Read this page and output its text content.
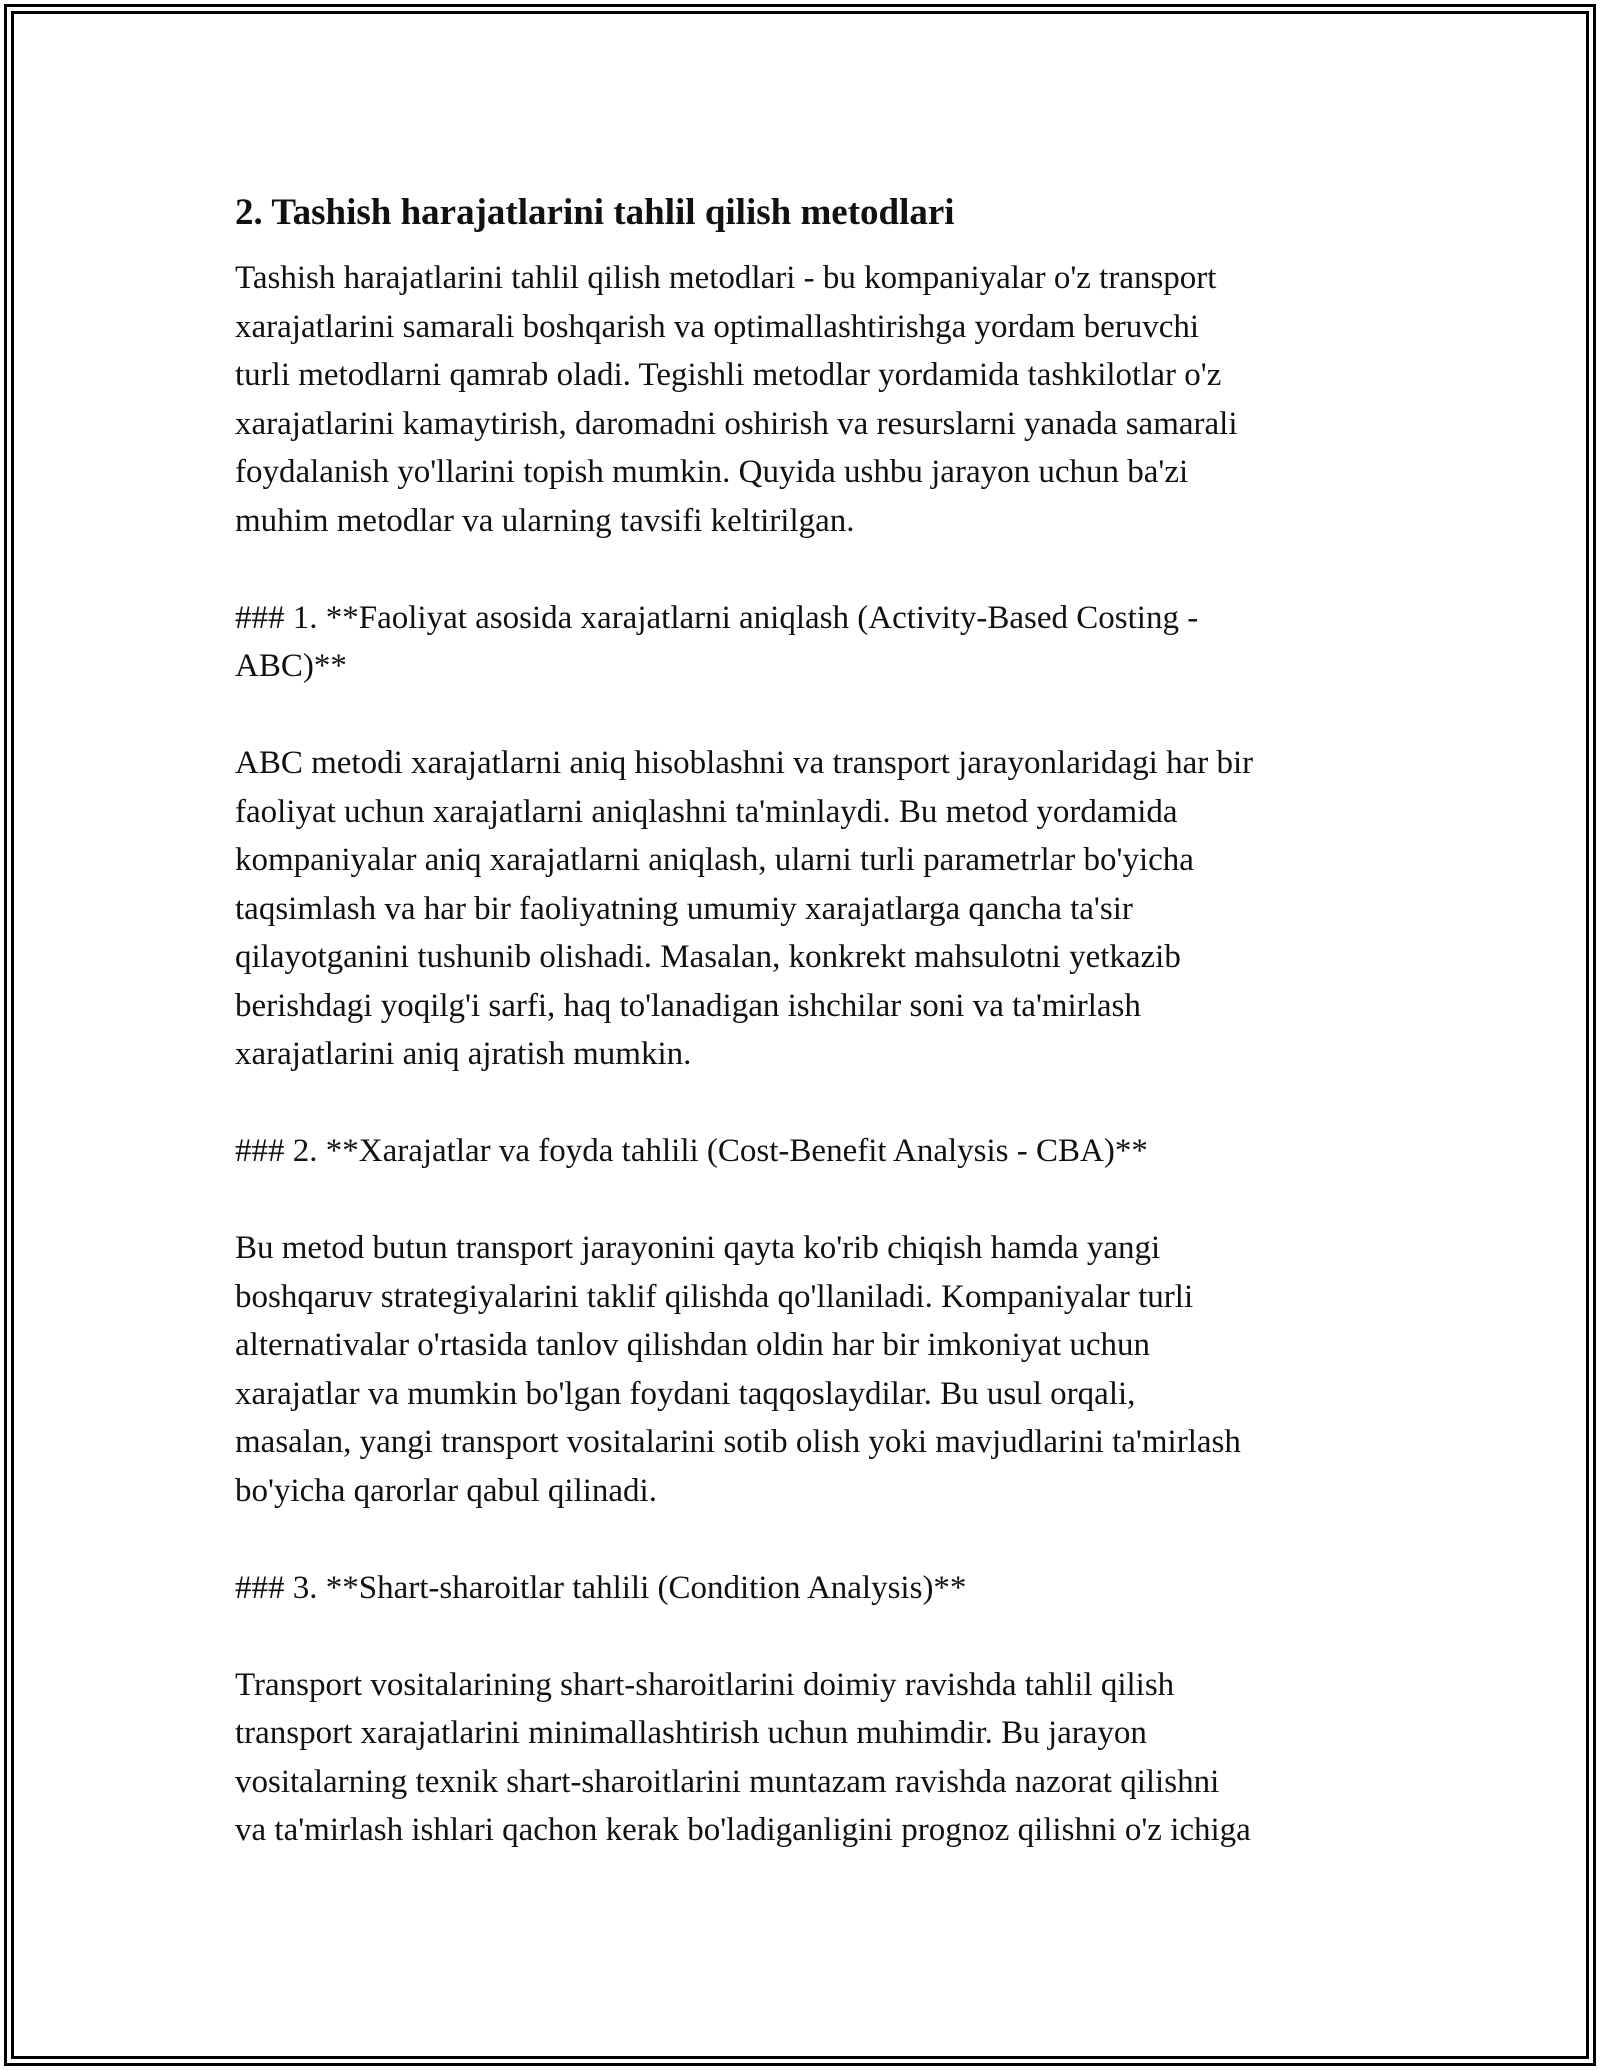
2. Tashish harajatlarini tahlil qilish metodlari

Tashish harajatlarini tahlil qilish metodlari - bu kompaniyalar o'z transport
xarajatlarini samarali boshqarish va optimallashtirishga yordam beruvchi
turli metodlarni qamrab oladi. Tegishli metodlar yordamida tashkilotlar o'z
xarajatlarini kamaytirish, daromadni oshirish va resurslarni yanada samarali
foydalanish yo'llarini topish mumkin. Quyida ushbu jarayon uchun ba'zi
muhim metodlar va ularning tavsifi keltirilgan.

### 1. **Faoliyat asosida xarajatlarni aniqlash (Activity-Based Costing -
ABC)**

ABC metodi xarajatlarni aniq hisoblashni va transport jarayonlaridagi har bir
faoliyat uchun xarajatlarni aniqlashni ta'minlaydi. Bu metod yordamida
kompaniyalar aniq xarajatlarni aniqlash, ularni turli parametrlar bo'yicha
taqsimlash va har bir faoliyatning umumiy xarajatlarga qancha ta'sir
qilayotganini tushunib olishadi. Masalan, konkrekt mahsulotni yetkazib
berishdagi yoqilg'i sarfi, haq to'lanadigan ishchilar soni va ta'mirlash
xarajatlarini aniq ajratish mumkin.

### 2. **Xarajatlar va foyda tahlili (Cost-Benefit Analysis - CBA)**

Bu metod butun transport jarayonini qayta ko'rib chiqish hamda yangi
boshqaruv strategiyalarini taklif qilishda qo'llaniladi. Kompaniyalar turli
alternativalar o'rtasida tanlov qilishdan oldin har bir imkoniyat uchun
xarajatlar va mumkin bo'lgan foydani taqqoslaydilar. Bu usul orqali,
masalan, yangi transport vositalarini sotib olish yoki mavjudlarini ta'mirlash
bo'yicha qarorlar qabul qilinadi.

### 3. **Shart-sharoitlar tahlili (Condition Analysis)**

Transport vositalarining shart-sharoitlarini doimiy ravishda tahlil qilish
transport xarajatlarini minimallashtirish uchun muhimdir. Bu jarayon
vositalarning texnik shart-sharoitlarini muntazam ravishda nazorat qilishni
va ta'mirlash ishlari qachon kerak bo'ladiganligini prognoz qilishni o'z ichiga
